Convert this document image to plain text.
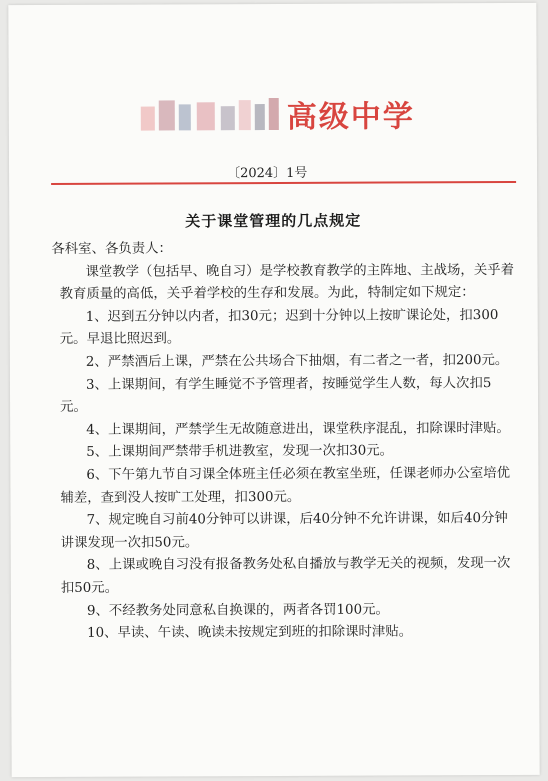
高级中学
〔2024〕1号
关于课堂管理的几点规定

各科室、各负责人：

课堂教学（包括早、晚自习）是学校教育教学的主阵地、主战场，关乎着教育质量的高低，关乎着学校的生存和发展。为此，特制定如下规定：

1、迟到五分钟以内者，扣30元；迟到十分钟以上按旷课论处，扣300元。早退比照迟到。

2、严禁酒后上课，严禁在公共场合下抽烟，有二者之一者，扣200元。

3、上课期间，有学生睡觉不予管理者，按睡觉学生人数，每人次扣5元。

4、上课期间，严禁学生无故随意进出，课堂秩序混乱，扣除课时津贴。

5、上课期间严禁带手机进教室，发现一次扣30元。

6、下午第九节自习课全体班主任必须在教室坐班，任课老师办公室培优辅差，查到没人按旷工处理，扣300元。

7、规定晚自习前40分钟可以讲课，后40分钟不允许讲课，如后40分钟讲课发现一次扣50元。

8、上课或晚自习没有报备教务处私自播放与教学无关的视频，发现一次扣50元。

9、不经教务处同意私自换课的，两者各罚100元。

10、早读、午读、晚读未按规定到班的扣除课时津贴。
